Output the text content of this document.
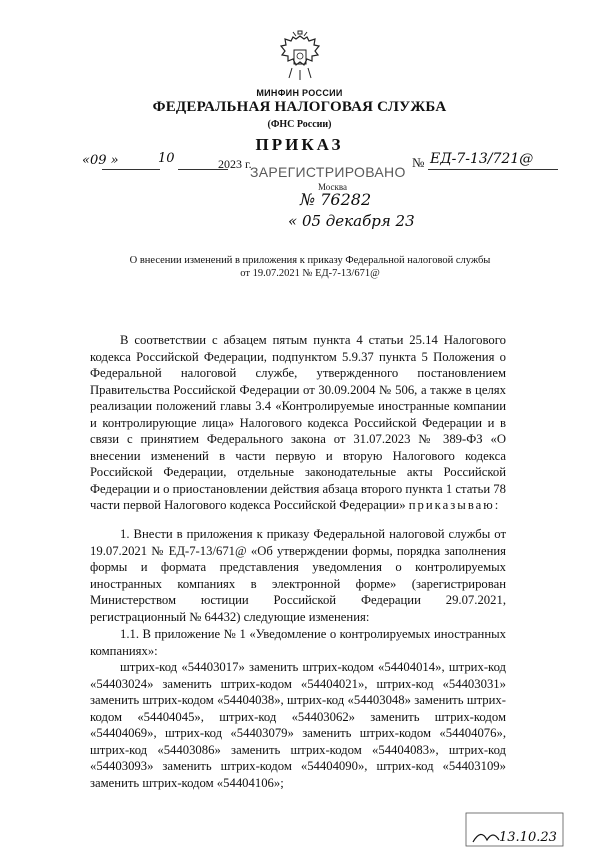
МИНФИН РОССИИ
ФЕДЕРАЛЬНАЯ НАЛОГОВАЯ СЛУЖБА
(ФНС России)
ПРИКАЗ
«09 »	10	2023 г.	№ ЕД-7-13/721@
ЗАРЕГИСТРИРОВАНО
Москва
№ 76282
« 05 декабря 23
О внесении изменений в приложения к приказу Федеральной налоговой службы
от 19.07.2021 № ЕД-7-13/671@

В соответствии с абзацем пятым пункта 4 статьи 25.14 Налогового кодекса Российской Федерации, подпунктом 5.9.37 пункта 5 Положения о Федеральной налоговой службе, утвержденного постановлением Правительства Российской Федерации от 30.09.2004 № 506, а также в целях реализации положений главы 3.4 «Контролируемые иностранные компании и контролирующие лица» Налогового кодекса Российской Федерации и в связи с принятием Федерального закона от 31.07.2023 № 389-ФЗ «О внесении изменений в части первую и вторую Налогового кодекса Российской Федерации, отдельные законодательные акты Российской Федерации и о приостановлении действия абзаца второго пункта 1 статьи 78 части первой Налогового кодекса Российской Федерации» приказываю:

1. Внести в приложения к приказу Федеральной налоговой службы от 19.07.2021 № ЕД-7-13/671@ «Об утверждении формы, порядка заполнения формы и формата представления уведомления о контролируемых иностранных компаниях в электронной форме» (зарегистрирован Министерством юстиции Российской Федерации 29.07.2021, регистрационный № 64432) следующие изменения:

1.1. В приложение № 1 «Уведомление о контролируемых иностранных компаниях»:

штрих-код «54403017» заменить штрих-кодом «54404014», штрих-код «54403024» заменить штрих-кодом «54404021», штрих-код «54403031» заменить штрих-кодом «54404038», штрих-код «54403048» заменить штрих-кодом «54404045», штрих-код «54403062» заменить штрих-кодом «54404069», штрих-код «54403079» заменить штрих-кодом «54404076», штрих-код «54403086» заменить штрих-кодом «54404083», штрих-код «54403093» заменить штрих-кодом «54404090», штрих-код «54403109» заменить штрих-кодом «54404106»;

13.10.23
